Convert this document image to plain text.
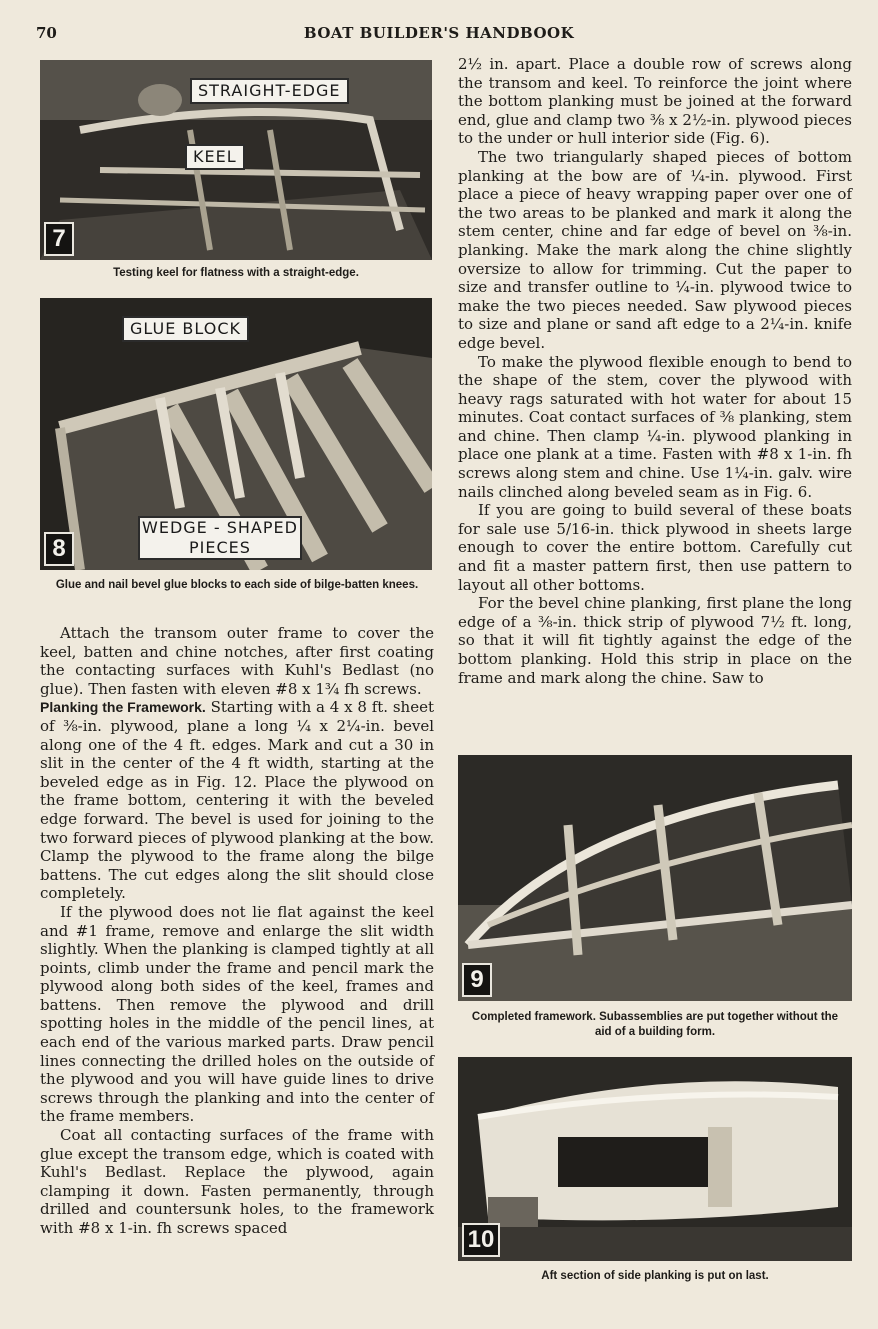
70	BOAT BUILDER'S HANDBOOK
STRAIGHT-EDGE
KEEL
7
Testing keel for flatness with a straight-edge.
GLUE BLOCK
WEDGE - SHAPED
PIECES
8
Glue and nail bevel glue blocks to each side of bilge-batten knees.

Attach the transom outer frame to cover the keel, batten and chine notches, after first coating the contacting surfaces with Kuhl's Bedlast (no glue). Then fasten with eleven #8 x 1¾ fh screws.

Planking the Framework. Starting with a 4 x 8 ft. sheet of ⅜-in. plywood, plane a long ¼ x 2¼-in. bevel along one of the 4 ft. edges. Mark and cut a 30 in slit in the center of the 4 ft width, starting at the beveled edge as in Fig. 12. Place the plywood on the frame bottom, centering it with the beveled edge forward. The bevel is used for joining to the two forward pieces of plywood planking at the bow. Clamp the plywood to the frame along the bilge battens. The cut edges along the slit should close completely.

If the plywood does not lie flat against the keel and #1 frame, remove and enlarge the slit width slightly. When the planking is clamped tightly at all points, climb under the frame and pencil mark the plywood along both sides of the keel, frames and battens. Then remove the plywood and drill spotting holes in the middle of the pencil lines, at each end of the various marked parts. Draw pencil lines connecting the drilled holes on the outside of the plywood and you will have guide lines to drive screws through the planking and into the center of the frame members.

Coat all contacting surfaces of the frame with glue except the transom edge, which is coated with Kuhl's Bedlast. Replace the plywood, again clamping it down. Fasten permanently, through drilled and countersunk holes, to the framework with #8 x 1-in. fh screws spaced

2½ in. apart. Place a double row of screws along the transom and keel. To reinforce the joint where the bottom planking must be joined at the forward end, glue and clamp two ⅜ x 2½-in. plywood pieces to the under or hull interior side (Fig. 6).

The two triangularly shaped pieces of bottom planking at the bow are of ¼-in. plywood. First place a piece of heavy wrapping paper over one of the two areas to be planked and mark it along the stem center, chine and far edge of bevel on ⅜-in. planking. Make the mark along the chine slightly oversize to allow for trimming. Cut the paper to size and transfer outline to ¼-in. plywood twice to make the two pieces needed. Saw plywood pieces to size and plane or sand aft edge to a 2¼-in. knife edge bevel.

To make the plywood flexible enough to bend to the shape of the stem, cover the plywood with heavy rags saturated with hot water for about 15 minutes. Coat contact surfaces of ⅜ planking, stem and chine. Then clamp ¼-in. plywood planking in place one plank at a time. Fasten with #8 x 1-in. fh screws along stem and chine. Use 1¼-in. galv. wire nails clinched along beveled seam as in Fig. 6.

If you are going to build several of these boats for sale use 5/16-in. thick plywood in sheets large enough to cover the entire bottom. Carefully cut and fit a master pattern first, then use pattern to layout all other bottoms.

For the bevel chine planking, first plane the long edge of a ⅜-in. thick strip of plywood 7½ ft. long, so that it will fit tightly against the edge of the bottom planking. Hold this strip in place on the frame and mark along the chine. Saw to

9
Completed framework. Subassemblies are put together without the aid of a building form.
10
Aft section of side planking is put on last.
